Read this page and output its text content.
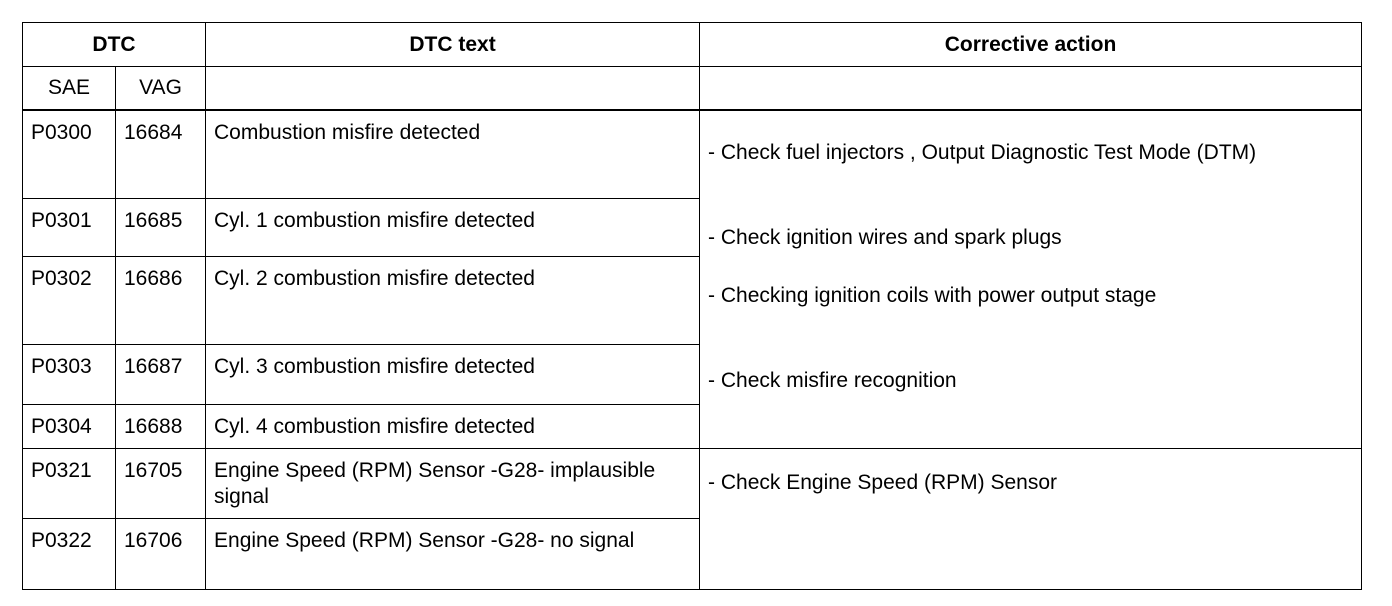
DTC		DTC text	Corrective action
SAE	VAG		
P0300	16684	Combustion misfire detected	- Check fuel injectors , Output Diagnostic Test Mode (DTM)
- Check ignition wires and spark plugs
- Checking ignition coils with power output stage
- Check misfire recognition

P0301	16685	Cyl. 1 combustion misfire detected	
P0302	16686	Cyl. 2 combustion misfire detected	
P0303	16687	Cyl. 3 combustion misfire detected	
P0304	16688	Cyl. 4 combustion misfire detected	
P0321	16705	Engine Speed (RPM) Sensor -G28- implausible signal	- Check Engine Speed (RPM) Sensor
P0322	16706	Engine Speed (RPM) Sensor -G28- no signal	
